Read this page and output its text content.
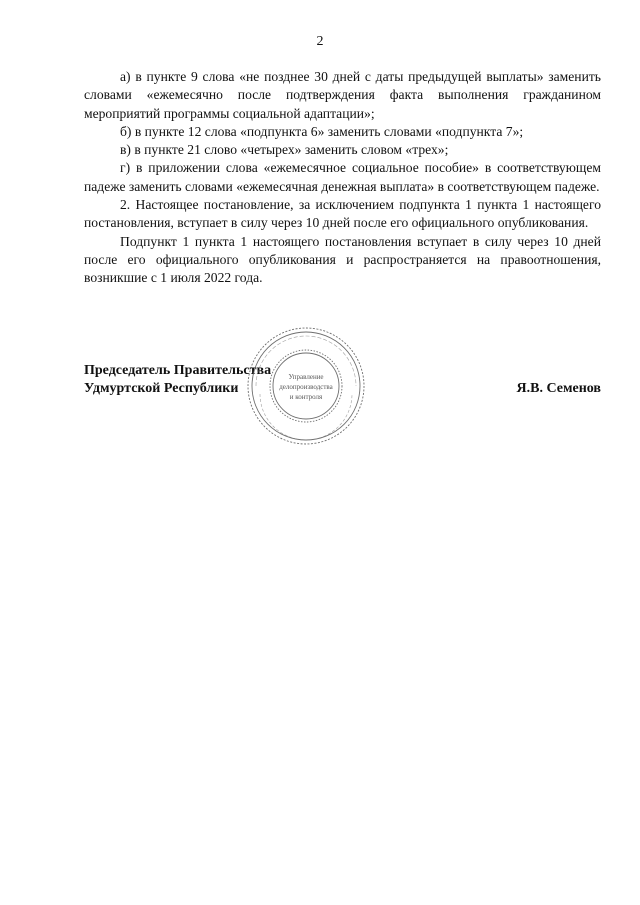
2

а) в пункте 9 слова «не позднее 30 дней с даты предыдущей выплаты» заменить словами «ежемесячно после подтверждения факта выполнения гражданином мероприятий программы социальной адаптации»;

б) в пункте 12 слова «подпункта 6» заменить словами «подпункта 7»;

в) в пункте 21 слово «четырех» заменить словом «трех»;

г) в приложении слова «ежемесячное социальное пособие» в соответствующем падеже заменить словами «ежемесячная денежная выплата» в соответствующем падеже.

2. Настоящее постановление, за исключением подпункта 1 пункта 1 настоящего постановления, вступает в силу через 10 дней после его официального опубликования.

Подпункт 1 пункта 1 настоящего постановления вступает в силу через 10 дней после его официального опубликования и распространяется на правоотношения, возникшие с 1 июля 2022 года.

Председатель Правительства
Удмуртской Республики	Я.В. Семенов
Управление
делопроизводства
и контроля
